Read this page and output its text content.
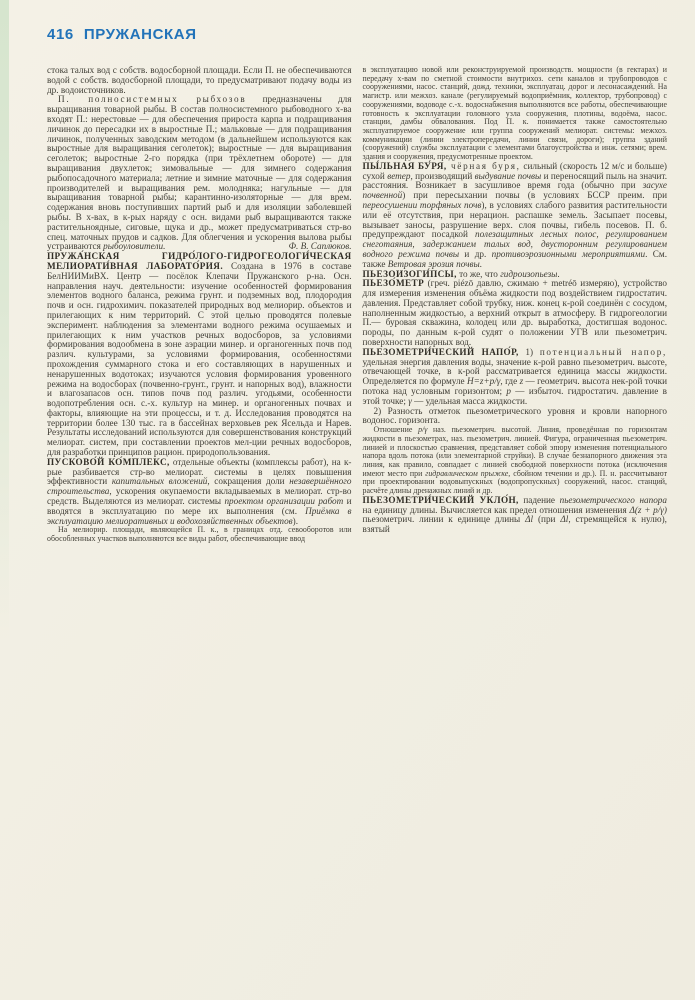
416 ПРУЖАНСКАЯ

стока талых вод с собств. водосборной площади. Если П. не обеспечиваются водой с собств. водосборной площади, то предусматривают подачу воды из др. водоисточников.

П. полносистемных рыбхозов предназначены для выращивания товарной рыбы. В состав полносистемного рыбоводного х-ва входят П.: нерестовые — для обеспечения прироста карпа и подращивания личинок до пересадки их в выростные П.; мальковые — для подращивания личинок, полученных заводским методом (в дальнейшем используются как выростные для выращивания сеголеток); выростные — для выращивания сеголеток; выростные 2-го порядка (при трёхлетнем обороте) — для выращивания двухлеток; зимовальные — для зимнего содержания рыбопосадочного материала; летние и зимние маточные — для содержания производителей и выращивания рем. молодняка; нагульные — для выращивания товарной рыбы; карантинно-изоляторные — для врем. содержания вновь поступивших партий рыб и для изоляции заболевшей рыбы. В х-вах, в к-рых наряду с осн. видами рыб выращиваются также растительноядные, сиговые, щука и др., может предусматриваться стр-во спец. маточных прудов и садков. Для облегчения и ускорения вылова рыбы устраиваются рыбоуловители.	Ф. В. Саплюков.

ПРУЖА́НСКАЯ ГИДРО́ЛОГО-ГИДРОГЕОЛОГИ́ЧЕСКАЯ МЕЛИОРАТИ́ВНАЯ ЛАБОРАТО́РИЯ. Создана в 1976 в составе БелНИИМиВХ. Центр — посёлок Клепачи Пружанского р-на. Осн. направления науч. деятельности: изучение особенностей формирования элементов водного баланса, режима грунт. и подземных вод, плодородия почв и осн. гидрохимич. показателей природных вод мелиорир. объектов и прилегающих к ним территорий. С этой целью проводятся полевые эксперимент. наблюдения за элементами водного режима осушаемых и прилегающих к ним участков речных водосборов, за условиями формирования водообмена в зоне аэрации минер. и органогенных почв под различ. культурами, за условиями формирования, особенностями прохождения суммарного стока и его составляющих в нарушенных и ненарушенных водотоках; изучаются условия формирования уровенного режима на водосборах (почвенно-грунт., грунт. и напорных вод), влажности и влагозапасов осн. типов почв под различ. угодьями, особенности водопотребления осн. с.-х. культур на минер. и органогенных почвах и факторы, влияющие на эти процессы, и т. д. Исследования проводятся на территории более 130 тыс. га в бассейнах верховьев рек Ясельда и Нарев. Результаты исследований используются для совершенствования конструкций мелиорат. систем, при составлении проектов мел-ции речных водосборов, для разработки принципов рацион. природопользования.

ПУСКОВО́Й КО́МПЛЕКС, отдельные объекты (комплексы работ), на к-рые разбивается стр-во мелиорат. системы в целях повышения эффективности капитальных вложений, сокращения доли незавершённого строительства, ускорения окупаемости вкладываемых в мелиорат. стр-во средств. Выделяются из мелиорат. системы проектом организации работ и вводятся в эксплуатацию по мере их выполнения (см. Приёмка в эксплуатацию мелиоративных и водохозяйственных объектов).

На мелиорир. площади, являющейся П. к., в границах отд. севооборотов или обособленных участков выполняются все виды работ, обеспечивающие ввод

в эксплуатацию новой или реконструируемой производств. мощности (в гектарах) и передачу х-вам по сметной стоимости внутрихоз. сети каналов и трубопроводов с сооружениями, насос. станций, дожд. техники, эксплуатац. дорог и лесонасаждений. На магистр. или межхоз. канале (регулируемый водоприёмник, коллектор, трубопровод) с сооружениями, водоводе с.-х. водоснабжения выполняются все работы, обеспечивающие готовность к эксплуатации головного узла сооружения, плотины, водоёма, насос. станции, дамбы обвалования. Под П. к. понимается также самостоятельно эксплуатируемое сооружение или группа сооружений мелиорат. системы: межхоз. коммуникации (линии электропередачи, линии связи, дороги); группа зданий (сооружений) службы эксплуатации с элементами благоустройства и инж. сетями; врем. здания и сооружения, предусмотренные проектом.

ПЫ́ЛЬНАЯ БУ́РЯ, чёрная буря, сильный (скорость 12 м/с и больше) сухой ветер, производящий выдувание почвы и переносящий пыль на значит. расстояния. Возникает в засушливое время года (обычно при засухе почвенной) при пересыхании почвы (в условиях БССР преим. при переосушении торфяных почв), в условиях слабого развития растительности или её отсутствия, при нерацион. распашке земель. Засыпает посевы, вызывает заносы, разрушение верх. слоя почвы, гибель посевов. П. б. предупреждают посадкой полезащитных лесных полос, регулированием снеготаяния, задержанием талых вод, двусторонним регулированием водного режима почвы и др. противоэрозионными мероприятиями. См. также Ветровая эрозия почвы.

ПЬЕЗОИЗОГИ́ПСЫ, то же, что гидроизопьезы.

ПЬЕЗО́МЕТР (греч. piézō давлю, сжимаю + metréō измеряю), устройство для измерения изменения объёма жидкости под воздействием гидростатич. давления. Представляет собой трубку, ниж. конец к-рой соединён с сосудом, наполненным жидкостью, а верхний открыт в атмосферу. В гидрогеологии П.— буровая скважина, колодец или др. выработка, достигшая водонос. породы, по данным к-рой судят о положении УГВ или пьезометрич. поверхности напорных вод.

ПЬЕЗОМЕТРИ́ЧЕСКИЙ НАПО́Р, 1) потенциальный напор, удельная энергия давления воды, значение к-рой равно пьезометрич. высоте, отвечающей точке, в к-рой рассматривается единица массы жидкости. Определяется по формуле H=z+p/γ, где z — геометрич. высота нек-рой точки потока над условным горизонтом; p — избыточ. гидростатич. давление в этой точке; γ — удельная масса жидкости.

2) Разность отметок пьезометрического уровня и кровли напорного водонос. горизонта.

Отношение p/γ наз. пьезометрич. высотой. Линия, проведённая по горизонтам жидкости в пьезометрах, наз. пьезометрич. линией. Фигура, ограниченная пьезометрич. линией и плоскостью сравнения, представляет собой эпюру изменения потенциального напора вдоль потока (или элементарной струйки). В случае безнапорного движения эта линия, как правило, совпадает с линией свободной поверхности потока (исключения имеют место при гидравлическом прыжке, сбойном течении и др.). П. н. рассчитывают при проектировании водовыпускных (водопропускных) сооружений, насос. станций, расчёте длины дренажных линий и др.

ПЬЕЗОМЕТРИ́ЧЕСКИЙ УКЛО́Н, падение пьезометрического напора на единицу длины. Вычисляется как предел отношения изменения Δ(z + p/γ) пьезометрич. линии к единице длины Δl (при Δl, стремящейся к нулю), взятый
